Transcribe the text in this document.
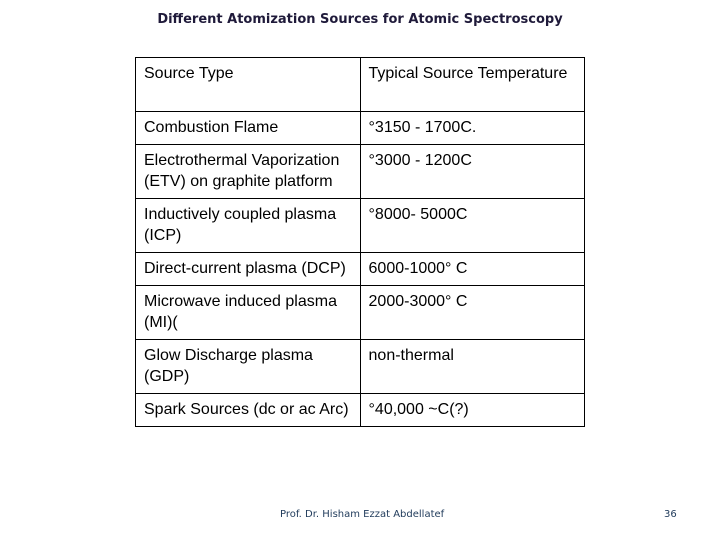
Different Atomization Sources for Atomic Spectroscopy
Source Type	Typical Source Temperature
Combustion Flame	°3150 - 1700C.
Electrothermal Vaporization (ETV) on graphite platform	°3000 - 1200C
Inductively coupled plasma (ICP)	°8000- 5000C
Direct-current plasma (DCP)	6000-1000° C
Microwave induced plasma (MI)(	2000-3000° C
Glow Discharge plasma (GDP)	non-thermal
Spark Sources (dc or ac Arc)	°40,000 ~C(?)
Prof. Dr. Hisham Ezzat Abdellatef	36
